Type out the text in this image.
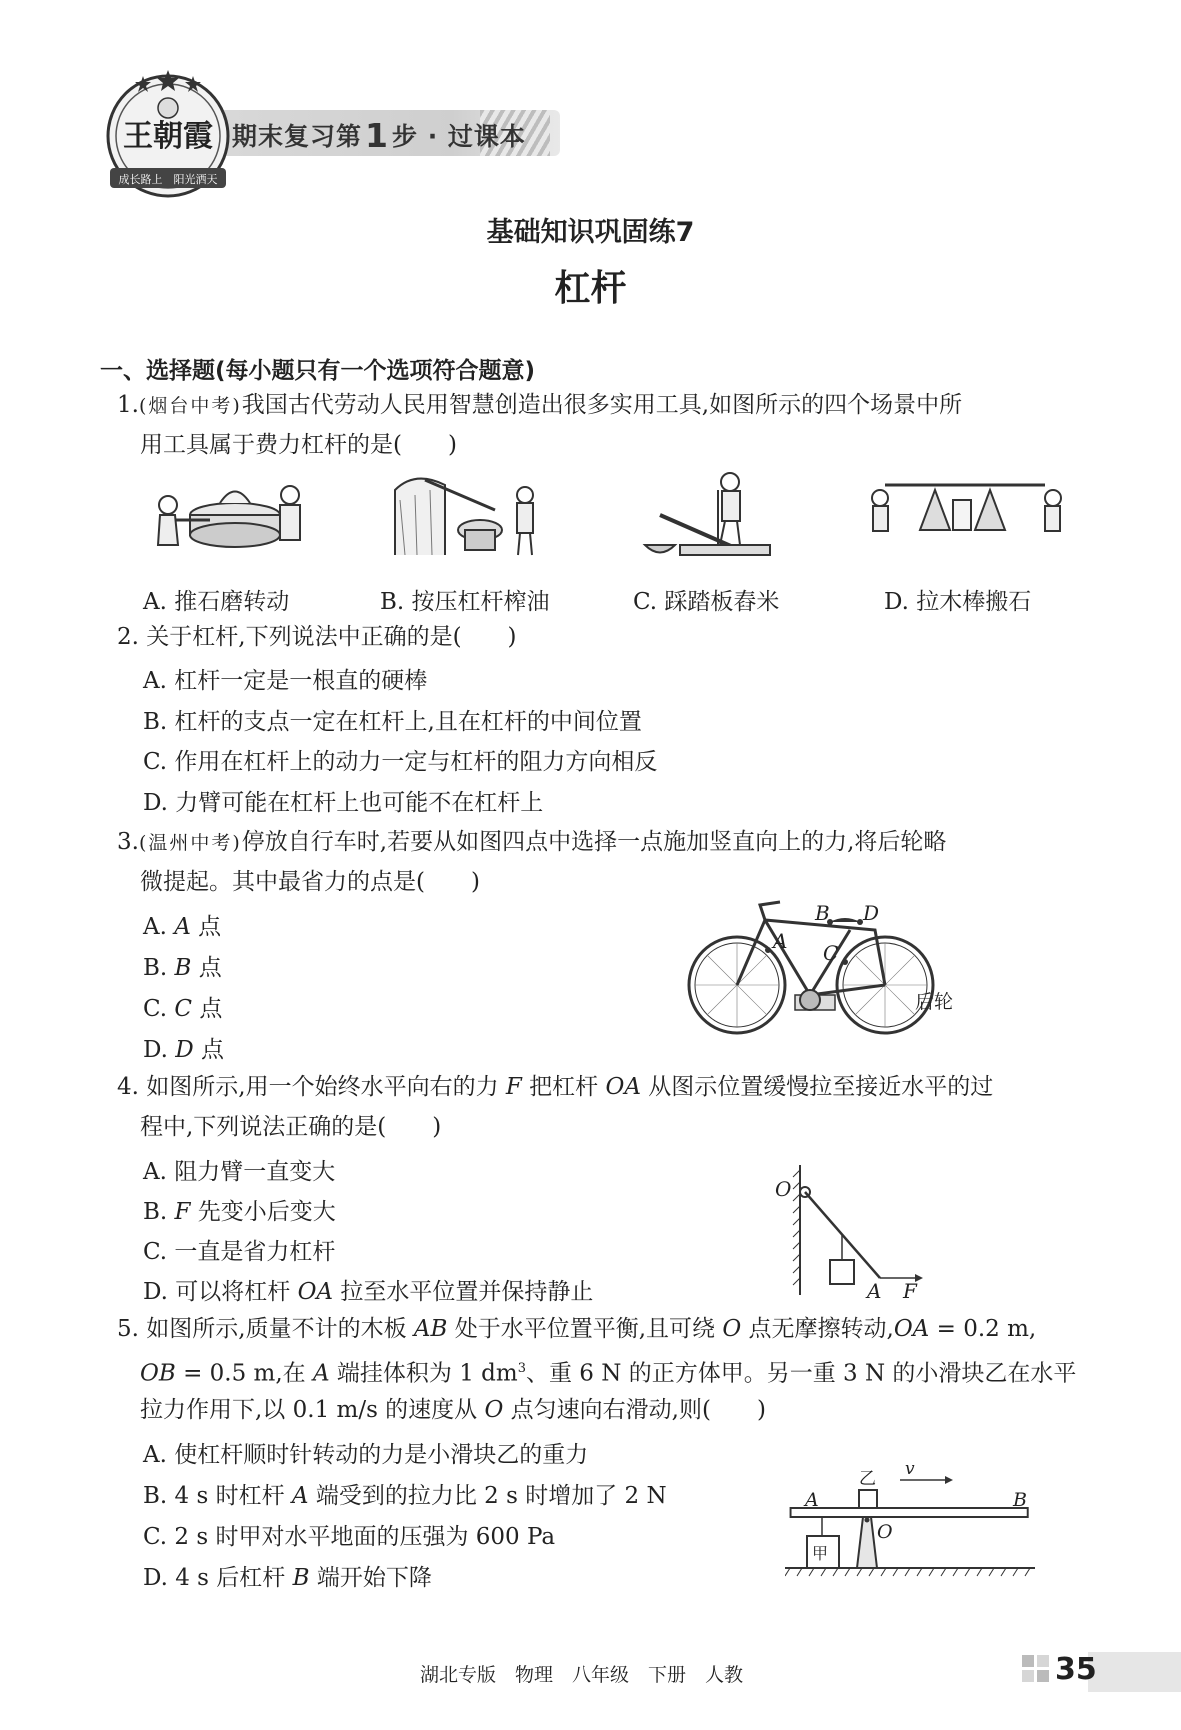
期末复习第1 步 · 过课本
王朝霞
成长路上　阳光洒天
基础知识巩固练7
杠杆
一、选择题(每小题只有一个选项符合题意)
1.(烟台中考)我国古代劳动人民用智慧创造出很多实用工具,如图所示的四个场景中所
用工具属于费力杠杆的是(　　)
A. 推石磨转动	B. 按压杠杆榨油	C. 踩踏板舂米	D. 拉木棒搬石
2. 关于杠杆,下列说法中正确的是(　　)
A. 杠杆一定是一根直的硬棒
B. 杠杆的支点一定在杠杆上,且在杠杆的中间位置
C. 作用在杠杆上的动力一定与杠杆的阻力方向相反
D. 力臂可能在杠杆上也可能不在杠杆上
3.(温州中考)停放自行车时,若要从如图四点中选择一点施加竖直向上的力,将后轮略
微提起。其中最省力的点是(　　)
A. A 点
B. B 点
C. C 点
D. D 点
A
B D
C
后轮
4. 如图所示,用一个始终水平向右的力 F 把杠杆 OA 从图示位置缓慢拉至接近水平的过
程中,下列说法正确的是(　　)
A. 阻力臂一直变大
B. F 先变小后变大
C. 一直是省力杠杆
D. 可以将杠杆 OA 拉至水平位置并保持静止
O
A F
5. 如图所示,质量不计的木板 AB 处于水平位置平衡,且可绕 O 点无摩擦转动,OA = 0.2 m,
OB = 0.5 m,在 A 端挂体积为 1 $dm^3$、重 6 N 的正方体甲。另一重 3 N 的小滑块乙在水平
拉力作用下,以 0.1 m/s 的速度从 O 点匀速向右滑动,则(　　)
A. 使杠杆顺时针转动的力是小滑块乙的重力
B. 4 s 时杠杆 A 端受到的拉力比 2 s 时增加了 2 N
C. 2 s 时甲对水平地面的压强为 600 Pa
D. 4 s 后杠杆 B 端开始下降
A	B
O
甲
乙 v
湖北专版　物理　八年级　下册　人教	35
